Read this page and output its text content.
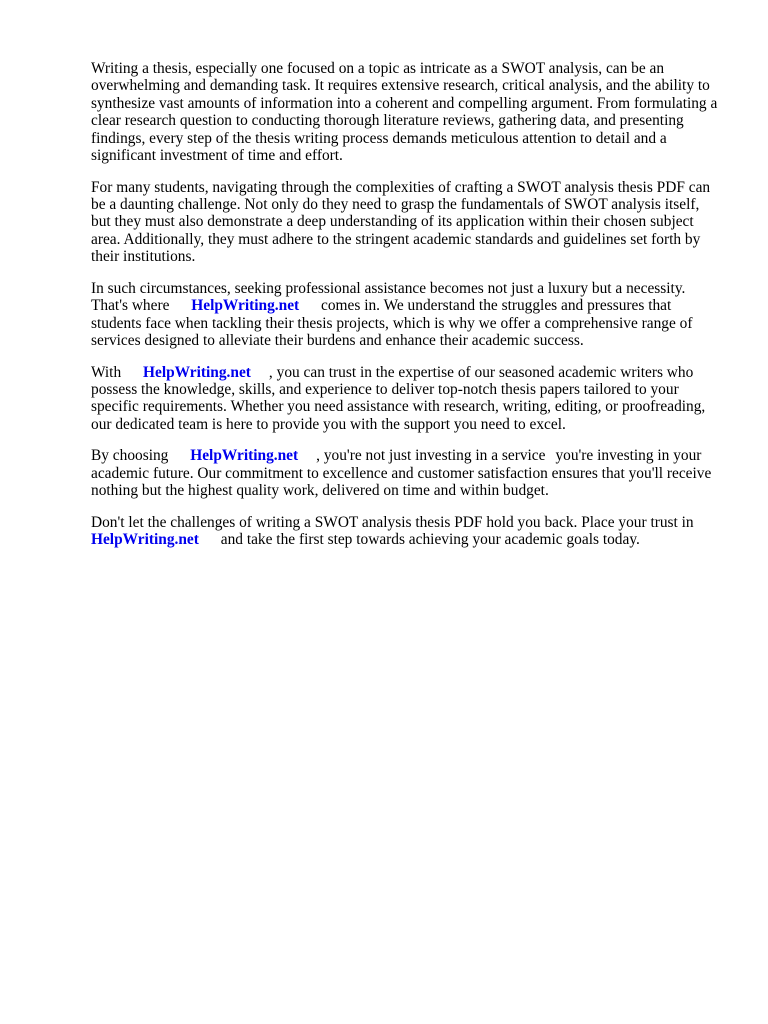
Writing a thesis, especially one focused on a topic as intricate as a SWOT analysis, can be an overwhelming and demanding task. It requires extensive research, critical analysis, and the ability to synthesize vast amounts of information into a coherent and compelling argument. From formulating a clear research question to conducting thorough literature reviews, gathering data, and presenting findings, every step of the thesis writing process demands meticulous attention to detail and a significant investment of time and effort.

For many students, navigating through the complexities of crafting a SWOT analysis thesis PDF can be a daunting challenge. Not only do they need to grasp the fundamentals of SWOT analysis itself, but they must also demonstrate a deep understanding of its application within their chosen subject area. Additionally, they must adhere to the stringent academic standards and guidelines set forth by their institutions.

In such circumstances, seeking professional assistance becomes not just a luxury but a necessity. That's where HelpWriting.net comes in. We understand the struggles and pressures that students face when tackling their thesis projects, which is why we offer a comprehensive range of services designed to alleviate their burdens and enhance their academic success.

With HelpWriting.net , you can trust in the expertise of our seasoned academic writers who possess the knowledge, skills, and experience to deliver top-notch thesis papers tailored to your specific requirements. Whether you need assistance with research, writing, editing, or proofreading, our dedicated team is here to provide you with the support you need to excel.

By choosing HelpWriting.net , you're not just investing in a service you're investing in your academic future. Our commitment to excellence and customer satisfaction ensures that you'll receive nothing but the highest quality work, delivered on time and within budget.

Don't let the challenges of writing a SWOT analysis thesis PDF hold you back. Place your trust in HelpWriting.net and take the first step towards achieving your academic goals today.
